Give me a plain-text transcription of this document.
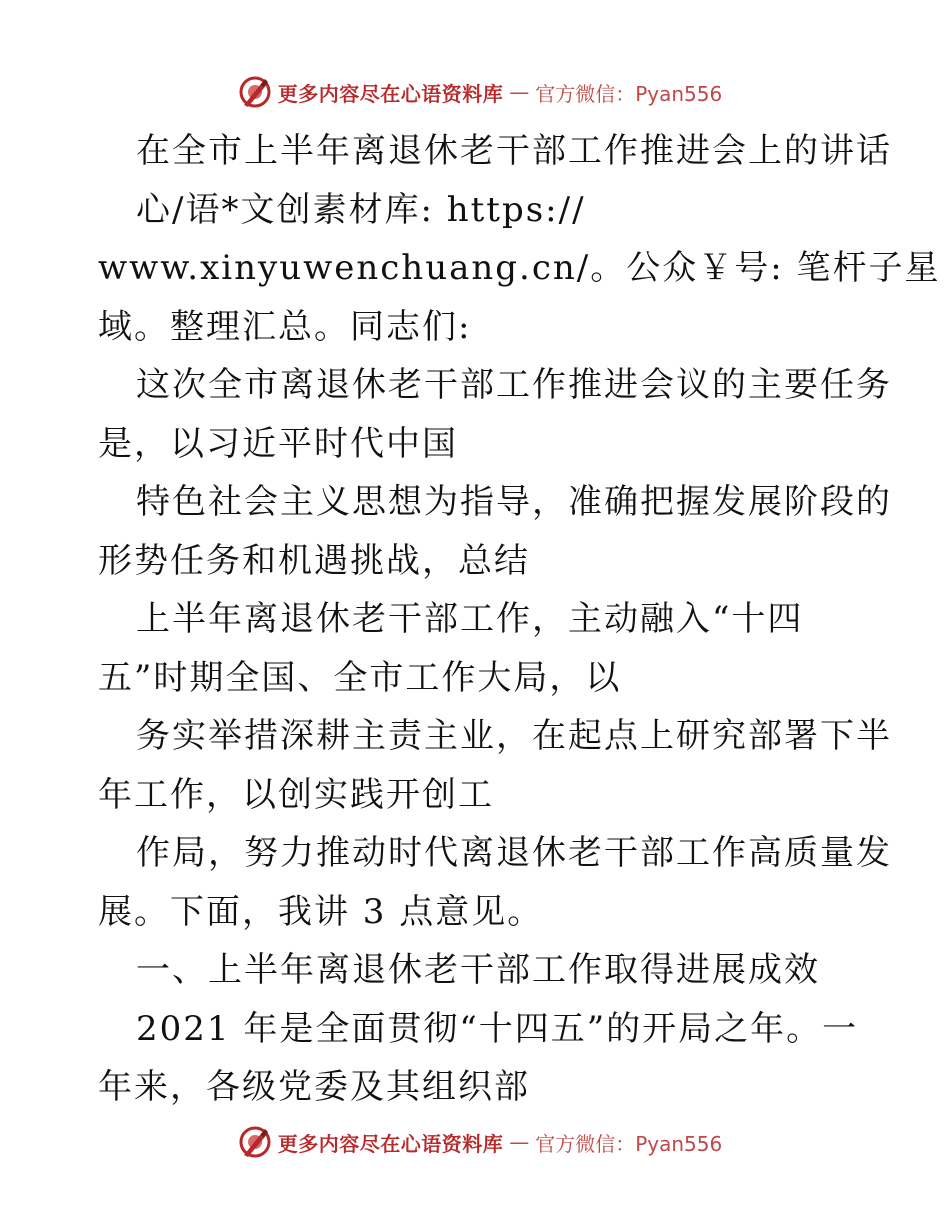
更多内容尽在心语资料库 — 官方微信：Pyan556
在全市上半年离退休老干部工作推进会上的讲话
心/语*文创素材库: https://
www.xinyuwenchuang.cn/。公众￥号: 笔杆子星
域。整理汇总。同志们:
这次全市离退休老干部工作推进会议的主要任务
是，以习近平时代中国
特色社会主义思想为指导，准确把握发展阶段的
形势任务和机遇挑战，总结
上半年离退休老干部工作，主动融入“十四
五”时期全国、全市工作大局，以
务实举措深耕主责主业，在起点上研究部署下半
年工作，以创实践开创工
作局，努力推动时代离退休老干部工作高质量发
展。下面，我讲 3 点意见。
一、上半年离退休老干部工作取得进展成效
2021 年是全面贯彻“十四五”的开局之年。一
年来，各级党委及其组织部
更多内容尽在心语资料库 — 官方微信：Pyan556
